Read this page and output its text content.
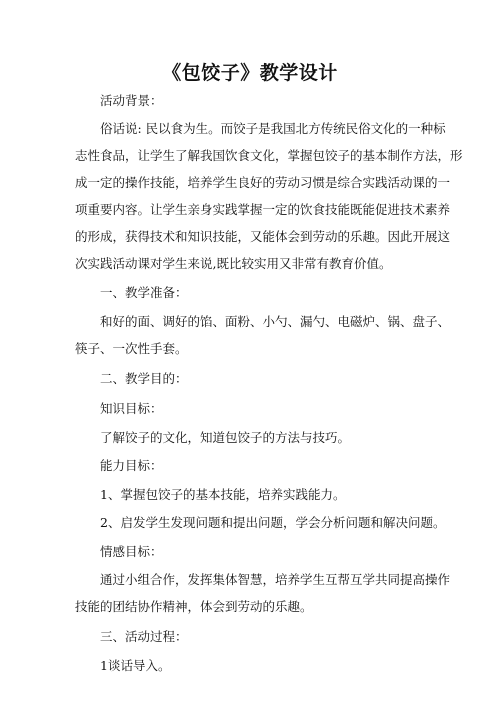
《包饺子》教学设计
活动背景：
俗话说: 民以食为生。而饺子是我国北方传统民俗文化的一种标
志性食品，让学生了解我国饮食文化，掌握包饺子的基本制作方法，形
成一定的操作技能，培养学生良好的劳动习惯是综合实践活动课的一
项重要内容。让学生亲身实践掌握一定的饮食技能既能促进技术素养
的形成，获得技术和知识技能，又能体会到劳动的乐趣。因此开展这
次实践活动课对学生来说,既比较实用又非常有教育价值。
一、教学准备：
和好的面、调好的馅、面粉、小勺、漏勺、电磁炉、锅、盘子、
筷子、一次性手套。
二、教学目的：
知识目标：
了解饺子的文化，知道包饺子的方法与技巧。
能力目标：
1、掌握包饺子的基本技能，培养实践能力。
2、启发学生发现问题和提出问题，学会分析问题和解决问题。
情感目标：
通过小组合作，发挥集体智慧，培养学生互帮互学共同提高操作
技能的团结协作精神，体会到劳动的乐趣。
三、活动过程：
1谈话导入。
